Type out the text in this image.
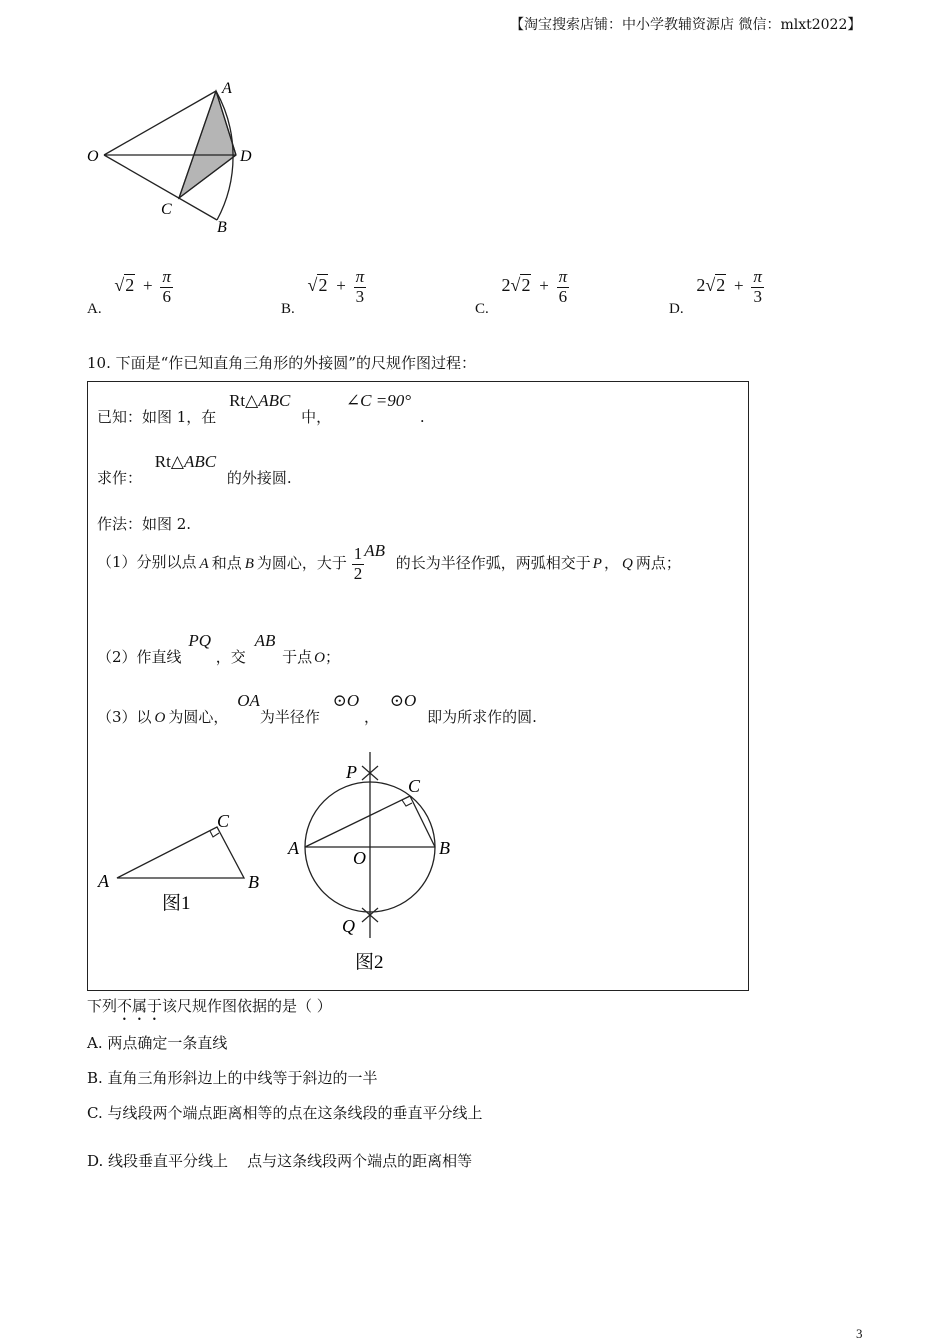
【淘宝搜索店铺：中小学教辅资源店 微信：mlxt2022】
A
O	D
C
B
A. $√2 + \frac{\pi}{6}$
B. $√2 + \frac{\pi}{3}$
C. $2√2 + \frac{\pi}{6}$
D. $2√2 + \frac{\pi}{3}$
10. 下面是“作已知直角三角形的外接圆”的尺规作图过程：
已知：如图 1，在 Rt△ABC 中， ∠C =90° .
求作： Rt△ABC 的外接圆.
作法：如图 2.
（1）分别以点 A 和点 B 为圆心，大于 $\frac{1}{2}$ AB 的长为半径作弧，两弧相交于 P ， Q 两点；
（2）作直线 PQ ，交 AB 于点 O；
（3）以 O 为圆心， OA为半径作 ⊙O ， ⊙O 即为所求作的圆.
A	B
C
图1
P
C
A	B
O
Q
图2
下列不属于该尺规作图依据的是（ ）
A. 两点确定一条直线
B. 直角三角形斜边上的中线等于斜边的一半
C. 与线段两个端点距离相等的点在这条线段的垂直平分线上
D. 线段垂直平分线上    点与这条线段两个端点的距离相等
3
